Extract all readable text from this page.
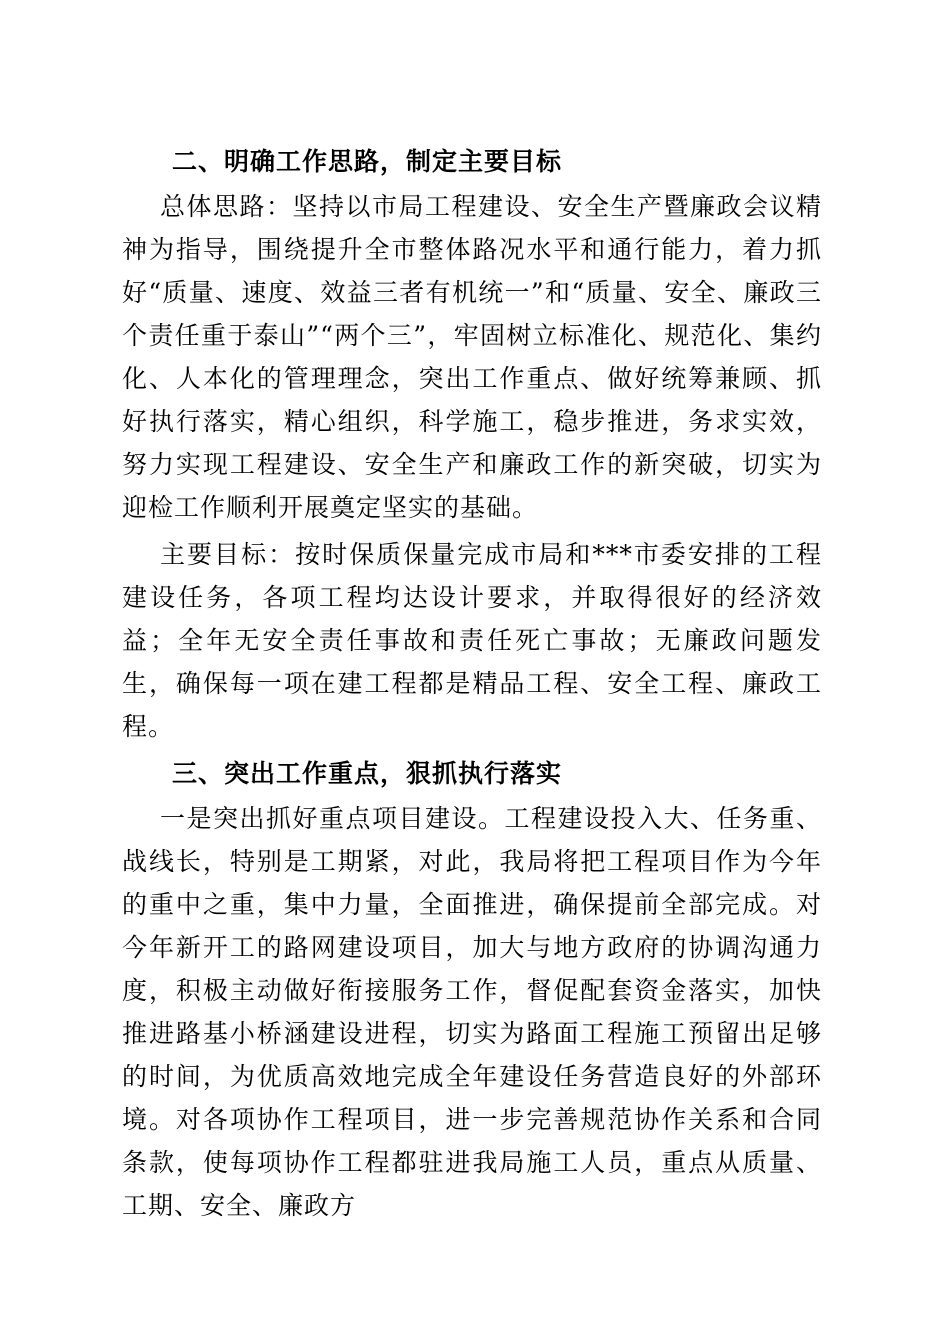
二、明确工作思路，制定主要目标

总体思路：坚持以市局工程建设、安全生产暨廉政会议精神为指导，围绕提升全市整体路况水平和通行能力，着力抓好“质量、速度、效益三者有机统一”和“质量、安全、廉政三个责任重于泰山”“两个三”，牢固树立标准化、规范化、集约化、人本化的管理理念，突出工作重点、做好统筹兼顾、抓好执行落实，精心组织，科学施工，稳步推进，务求实效，努力实现工程建设、安全生产和廉政工作的新突破，切实为迎检工作顺利开展奠定坚实的基础。

主要目标：按时保质保量完成市局和***市委安排的工程建设任务，各项工程均达设计要求，并取得很好的经济效益；全年无安全责任事故和责任死亡事故；无廉政问题发生，确保每一项在建工程都是精品工程、安全工程、廉政工程。

三、突出工作重点，狠抓执行落实

一是突出抓好重点项目建设。工程建设投入大、任务重、战线长，特别是工期紧，对此，我局将把工程项目作为今年的重中之重，集中力量，全面推进，确保提前全部完成。对今年新开工的路网建设项目，加大与地方政府的协调沟通力度，积极主动做好衔接服务工作，督促配套资金落实，加快推进路基小桥涵建设进程，切实为路面工程施工预留出足够的时间，为优质高效地完成全年建设任务营造良好的外部环境。对各项协作工程项目，进一步完善规范协作关系和合同条款，使每项协作工程都驻进我局施工人员，重点从质量、工期、安全、廉政方
